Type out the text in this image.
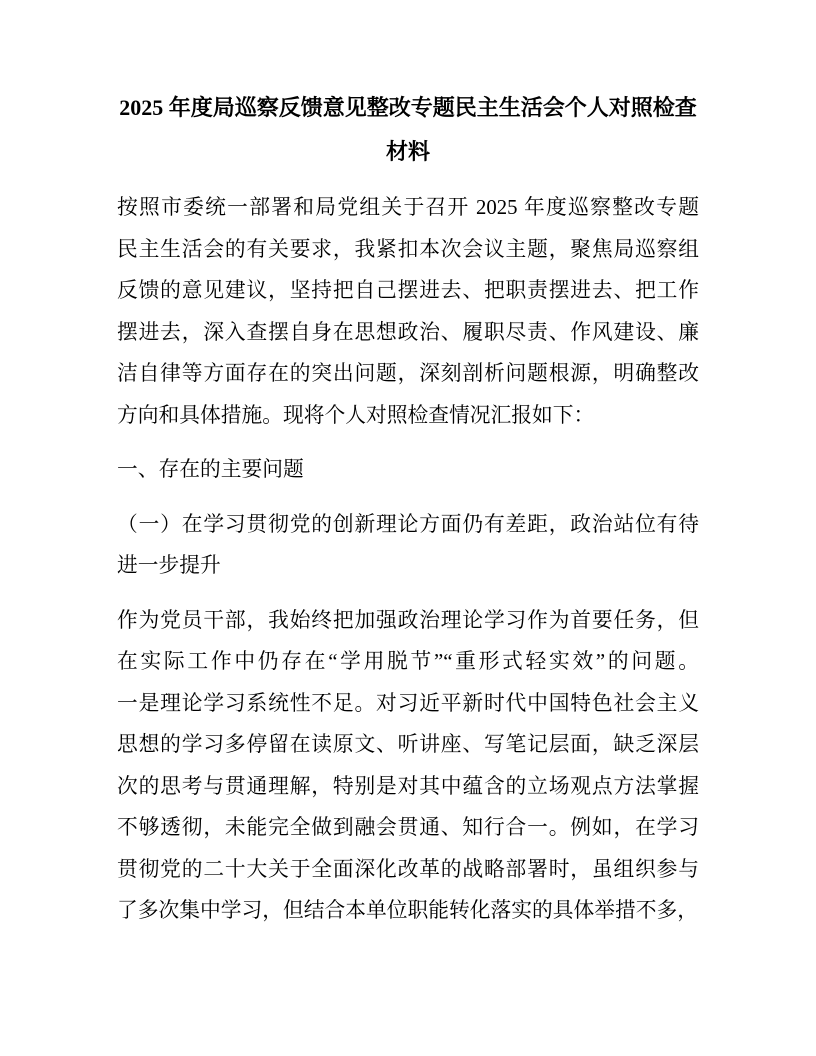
2025 年度局巡察反馈意见整改专题民主生活会个人对照检查
材料
按照市委统一部署和局党组关于召开 2025 年度巡察整改专题
民主生活会的有关要求，我紧扣本次会议主题，聚焦局巡察组
反馈的意见建议，坚持把自己摆进去、把职责摆进去、把工作
摆进去，深入查摆自身在思想政治、履职尽责、作风建设、廉
洁自律等方面存在的突出问题，深刻剖析问题根源，明确整改
方向和具体措施。现将个人对照检查情况汇报如下：
一、存在的主要问题
（一）在学习贯彻党的创新理论方面仍有差距，政治站位有待
进一步提升
作为党员干部，我始终把加强政治理论学习作为首要任务，但
在实际工作中仍存在“学用脱节”“重形式轻实效”的问题。
一是理论学习系统性不足。对习近平新时代中国特色社会主义
思想的学习多停留在读原文、听讲座、写笔记层面，缺乏深层
次的思考与贯通理解，特别是对其中蕴含的立场观点方法掌握
不够透彻，未能完全做到融会贯通、知行合一。例如，在学习
贯彻党的二十大关于全面深化改革的战略部署时，虽组织参与
了多次集中学习，但结合本单位职能转化落实的具体举措不多，
